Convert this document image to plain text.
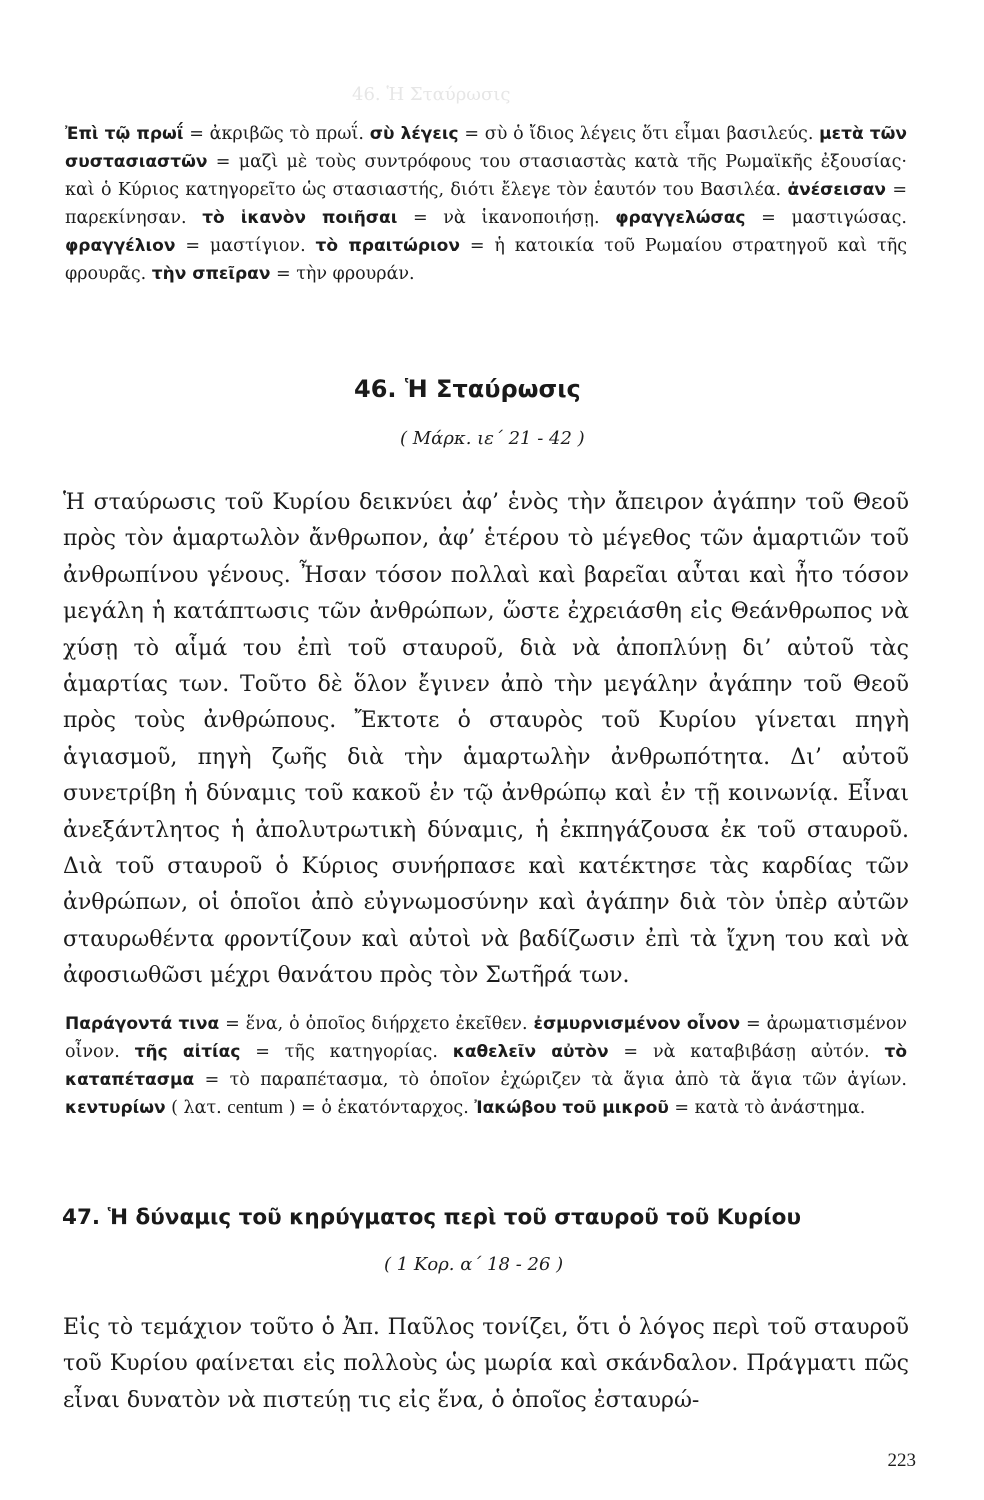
46. Ἡ Σταύρωσις
Ἐπὶ τῷ πρωΐ = ἀκριβῶς τὸ πρωΐ. σὺ λέγεις = σὺ ὁ ἴδιος λέγεις ὅτι εἶμαι βασιλεύς. μετὰ τῶν συστασιαστῶν = μαζὶ μὲ τοὺς συντρόφους του στασιαστὰς κατὰ τῆς Ρωμαϊκῆς ἐξουσίας· καὶ ὁ Κύριος κατηγορεῖτο ὡς στασιαστής, διότι ἔλεγε τὸν ἑαυτόν του Βασιλέα. ἀνέσεισαν = παρεκίνησαν. τὸ ἱκανὸν ποιῆσαι = νὰ ἱκανοποιήσῃ. φραγγελώσας = μαστιγώσας. φραγγέλιον = μαστίγιον. τὸ πραιτώριον = ἡ κατοικία τοῦ Ρωμαίου στρατηγοῦ καὶ τῆς φρουρᾶς. τὴν σπεῖραν = τὴν φρουράν.
46. Ἡ Σταύρωσις
( Μάρκ. ιε΄ 21 - 42 )
Ἡ σταύρωσις τοῦ Κυρίου δεικνύει ἀφ’ ἑνὸς τὴν ἄπειρον ἀγάπην τοῦ Θεοῦ πρὸς τὸν ἁμαρτωλὸν ἄνθρωπον, ἀφ’ ἑτέρου τὸ μέγεθος τῶν ἁμαρτιῶν τοῦ ἀνθρωπίνου γένους. Ἦσαν τόσον πολλαὶ καὶ βαρεῖαι αὗται καὶ ἦτο τόσον μεγάλη ἡ κατάπτωσις τῶν ἀνθρώπων, ὥστε ἐχρειάσθη εἰς Θεάνθρωπος νὰ χύσῃ τὸ αἷμά του ἐπὶ τοῦ σταυροῦ, διὰ νὰ ἀποπλύνῃ δι’ αὐτοῦ τὰς ἁμαρτίας των. Τοῦτο δὲ ὅλον ἔγινεν ἀπὸ τὴν μεγάλην ἀγάπην τοῦ Θεοῦ πρὸς τοὺς ἀνθρώπους. Ἔκτοτε ὁ σταυρὸς τοῦ Κυρίου γίνεται πηγὴ ἁγιασμοῦ, πηγὴ ζωῆς διὰ τὴν ἁμαρτωλὴν ἀνθρωπότητα. Δι’ αὐτοῦ συνετρίβη ἡ δύναμις τοῦ κακοῦ ἐν τῷ ἀνθρώπῳ καὶ ἐν τῇ κοινωνίᾳ. Εἶναι ἀνεξάντλητος ἡ ἀπολυτρωτικὴ δύναμις, ἡ ἐκπηγάζουσα ἐκ τοῦ σταυροῦ. Διὰ τοῦ σταυροῦ ὁ Κύριος συνήρπασε καὶ κατέκτησε τὰς καρδίας τῶν ἀνθρώπων, οἱ ὁποῖοι ἀπὸ εὐγνωμοσύνην καὶ ἀγάπην διὰ τὸν ὑπὲρ αὐτῶν σταυρωθέντα φροντίζουν καὶ αὐτοὶ νὰ βαδίζωσιν ἐπὶ τὰ ἴχνη του καὶ νὰ ἀφοσιωθῶσι μέχρι θανάτου πρὸς τὸν Σωτῆρά των.
Παράγοντά τινα = ἕνα, ὁ ὁποῖος διήρχετο ἐκεῖθεν. ἐσμυρνισμένον οἶνον = ἀρωματισμένον οἶνον. τῆς αἰτίας = τῆς κατηγορίας. καθελεῖν αὐτὸν = νὰ καταβιβάσῃ αὐτόν. τὸ καταπέτασμα = τὸ παραπέτασμα, τὸ ὁποῖον ἐχώριζεν τὰ ἅγια ἀπὸ τὰ ἅγια τῶν ἁγίων. κεντυρίων ( λατ. centum ) = ὁ ἑκατόνταρχος. Ἰακώβου τοῦ μικροῦ = κατὰ τὸ ἀνάστημα.
47. Ἡ δύναμις τοῦ κηρύγματος περὶ τοῦ σταυροῦ τοῦ Κυρίου
( 1 Κορ. α΄ 18 - 26 )
Εἰς τὸ τεμάχιον τοῦτο ὁ Ἀπ. Παῦλος τονίζει, ὅτι ὁ λόγος περὶ τοῦ σταυροῦ τοῦ Κυρίου φαίνεται εἰς πολλοὺς ὡς μωρία καὶ σκάνδαλον. Πράγματι πῶς εἶναι δυνατὸν νὰ πιστεύῃ τις εἰς ἕνα, ὁ ὁποῖος ἐσταυρώ-
223
